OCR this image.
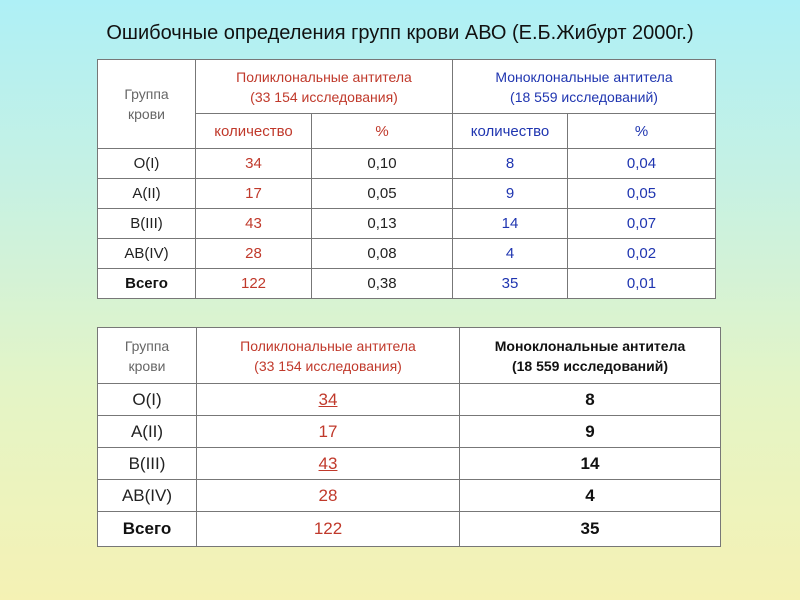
Ошибочные определения групп крови АВО (Е.Б.Жибурт 2000г.)
Группа
крови	Поликлональные антитела
(33 154 исследования)		Моноклональные антитела
(18 559 исследований)	
	количество	%	количество	%
O(I)	34	0,10	8	0,04
A(II)	17	0,05	9	0,05
B(III)	43	0,13	14	0,07
AB(IV)	28	0,08	4	0,02
Всего	122	0,38	35	0,01
Группа
крови	Поликлональные антитела
(33 154 исследования)	Моноклональные антитела
(18 559 исследований)
O(I)	34	8
A(II)	17	9
B(III)	43	14
AB(IV)	28	4
Всего	122	35
